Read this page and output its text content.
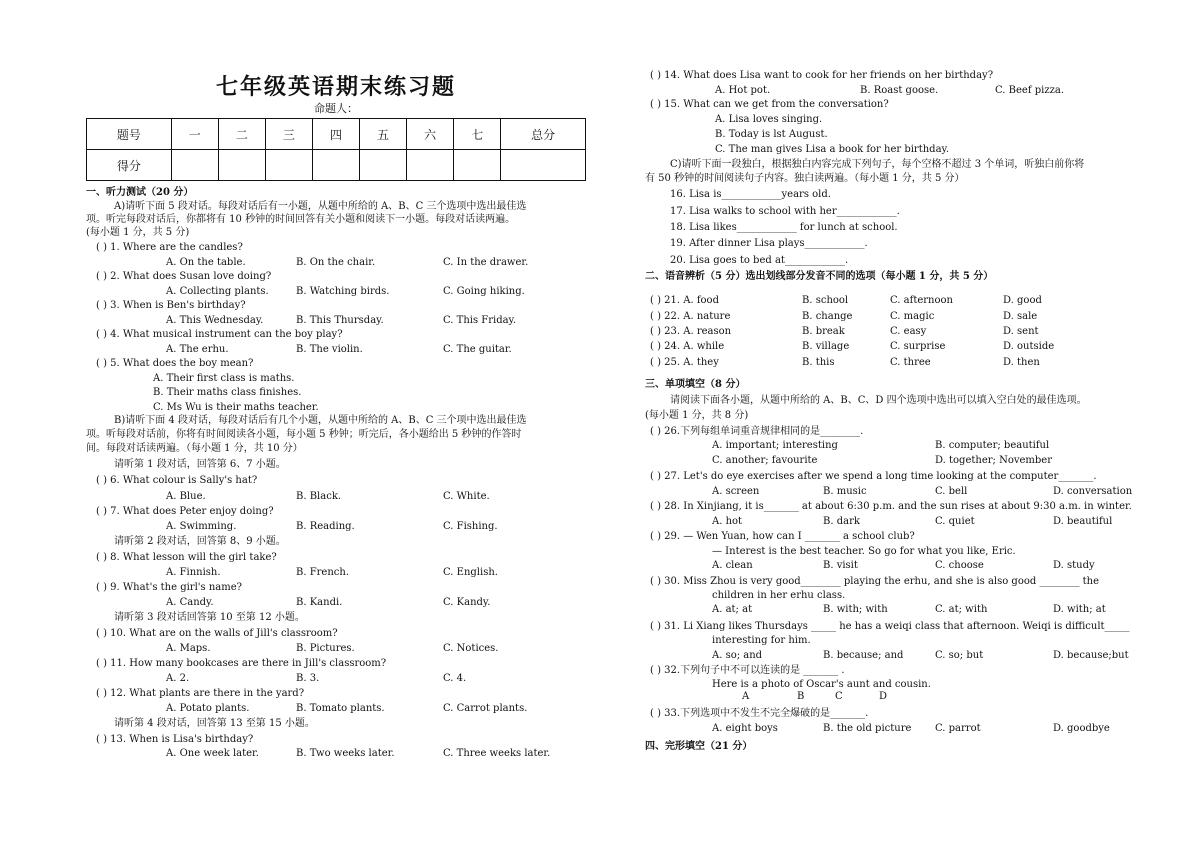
七年级英语期末练习题
命题人：
题号	一	二	三	四	五	六	七	总分
得分								
一、听力测试（20 分）
A)请听下面 5 段对话。每段对话后有一小题，从题中所给的 A、B、C 三个选项中选出最佳选
项。听完每段对话后，你都将有 10 秒钟的时间回答有关小题和阅读下一小题。每段对话读两遍。
(每小题 1 分，共 5 分)
( ) 1. Where are the candles?
A. On the table.	B. On the chair.	C. In the drawer.
( ) 2. What does Susan love doing?
A. Collecting plants.	B. Watching birds.	C. Going hiking.
( ) 3. When is Ben's birthday?
A. This Wednesday.	B. This Thursday.	C. This Friday.
( ) 4. What musical instrument can the boy play?
A. The erhu.	B. The violin.	C. The guitar.
( ) 5. What does the boy mean?
A. Their first class is maths.
B. Their maths class finishes.
C. Ms Wu is their maths teacher.
B)请听下面 4 段对话，每段对话后有几个小题，从题中所给的 A、B、C 三个项中选出最佳选
项。听每段对话前，你将有时间阅读各小题，每小题 5 秒钟；听完后，各小题给出 5 秒钟的作答时
间。每段对话读两遍。（每小题 1 分，共 10 分）
请听第 1 段对话，回答第 6、7 小题。
( ) 6. What colour is Sally's hat?
A. Blue.	B. Black.	C. White.
( ) 7. What does Peter enjoy doing?
A. Swimming.	B. Reading.	C. Fishing.
请听第 2 段对话，回答第 8、9 小题。
( ) 8. What lesson will the girl take?
A. Finnish.	B. French.	C. English.
( ) 9. What's the girl's name?
A. Candy.	B. Kandi.	C. Kandy.
请听第 3 段对话回答第 10 至第 12 小题。
( ) 10. What are on the walls of Jill's classroom?
A. Maps.	B. Pictures.	C. Notices.
( ) 11. How many bookcases are there in Jill's classroom?
A. 2.	B. 3.	C. 4.
( ) 12. What plants are there in the yard?
A. Potato plants.	B. Tomato plants.	C. Carrot plants.
请听第 4 段对话，回答第 13 至第 15 小题。
( ) 13. When is Lisa's birthday?
A. One week later.	B. Two weeks later.	C. Three weeks later.
( ) 14. What does Lisa want to cook for her friends on her birthday?
A. Hot pot.	B. Roast goose.	C. Beef pizza.
( ) 15. What can we get from the conversation?
A. Lisa loves singing.
B. Today is lst August.
C. The man gives Lisa a book for her birthday.
C)请听下面一段独白，根据独白内容完成下列句子，每个空格不超过 3 个单词，听独白前你将
有 50 秒钟的时间阅读句子内容。独白读两遍。（每小题 1 分，共 5 分）
16. Lisa is____________years old.
17. Lisa walks to school with her____________.
18. Lisa likes____________ for lunch at school.
19. After dinner Lisa plays____________.
20. Lisa goes to bed at____________.
二、语音辨析（5 分）选出划线部分发音不同的选项（每小题 1 分，共 5 分）
( ) 21. A. food	B. school	C. afternoon	D. good
( ) 22. A. nature	B. change	C. magic	D. sale
( ) 23. A. reason	B. break	C. easy	D. sent
( ) 24. A. while	B. village	C. surprise	D. outside
( ) 25. A. they	B. this	C. three	D. then
三、单项填空（8 分）
请阅读下面各小题，从题中所给的 A、B、C、D 四个选项中选出可以填入空白处的最佳选项。
(每小题 1 分，共 8 分)
( ) 26.下列每组单词重音规律相同的是________.
A. important; interesting	B. computer; beautiful
C. another; favourite	D. together; November
( ) 27. Let's do eye exercises after we spend a long time looking at the computer_______.
A. screen	B. music	C. bell	D. conversation
( ) 28. In Xinjiang, it is_______ at about 6:30 p.m. and the sun rises at about 9:30 a.m. in winter.
A. hot	B. dark	C. quiet	D. beautiful
( ) 29. — Wen Yuan, how can I _______ a school club?
— Interest is the best teacher. So go for what you like, Eric.
A. clean	B. visit	C. choose	D. study
( ) 30. Miss Zhou is very good________ playing the erhu, and she is also good ________ the
children in her erhu class.
A. at; at	B. with; with	C. at; with	D. with; at
( ) 31. Li Xiang likes Thursdays _____ he has a weiqi class that afternoon. Weiqi is difficult_____
interesting for him.
A. so; and	B. because; and	C. so; but	D. because;but
( ) 32.下列句子中不可以连读的是 _______ .
Here is a photo of Oscar's aunt and cousin.
A	B	C	D
( ) 33.下列选项中不发生不完全爆破的是_______.
A. eight boys	B. the old picture C. parrot	D. goodbye
四、完形填空（21 分）
